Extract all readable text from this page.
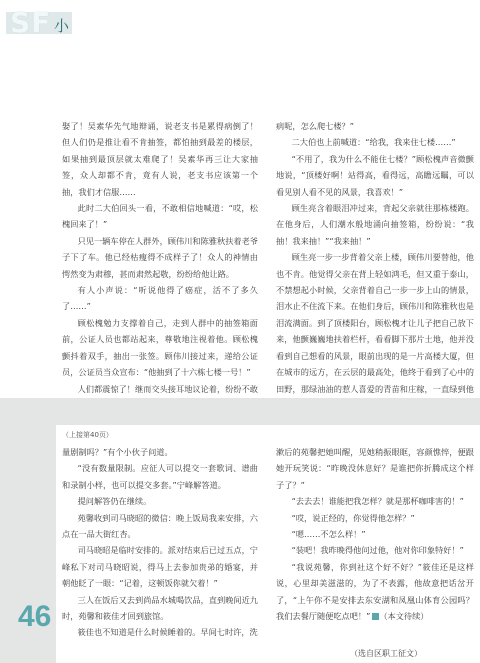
SF 小

娶了！吴素华先气地辩诵，说老支书是累得病倒了！但人们仍是推让看不肯抽签，都怕抽到最差的楼层，如果抽到最顶层就太难爬了！吴素华再三让大家抽签，众人却都不肯，竟有人说，老支书应该第一个抽，我们才信服……

此时二大伯回头一看，不敢相信地喊道：“哎，松槐回来了！”

只见一辆车停在人群外，顾伟川和陈雅秋扶着老爷子下了车。他已经枯瘦得不成样子了！众人的神情由愕然变为肃穆，甚而肃然起敬，纷纷给他让路。

有人小声说：“听说他得了癌症，活不了多久了……”

顾松槐勉力支撑着自己，走到人群中的抽签箱面前，公证人员也都站起来，尊敬地注视着他。顾松槐颤抖着双手，抽出一张签。顾伟川接过来，递给公证员，公证员当众宣布：“他抽到了十六栋七楼一号！”

人们都震惊了！继而交头接耳地议论着，纷纷不敢

病呢，怎么爬七楼？”

二大伯也上前喊道：“给我，我来住七楼……”

“不用了，我为什么不能住七楼？”顾松槐声音微颤地说，“顶楼好啊！站得高，看得远，高瞻远瞩，可以看见别人看不见的风景，我喜欢！”

顾生亮含着眼泪冲过来，背起父亲就往那栋楼跑。在他身后，人们潮水般地涌向抽签箱，纷纷说：“我抽！我来抽！”“我来抽！”

顾生亮一步一步背着父亲上楼，顾伟川要替他，他也不肯。他觉得父亲在背上轻如鸿毛，但又重于泰山，不禁想起小时候，父亲背着自己一步一步上山的情景，泪水止不住流下来。在他们身后，顾伟川和陈雅秋也是泪流满面。到了顶楼阳台，顾松槐才让儿子把自己放下来，他颤巍巍地扶着栏杆，看看脚下那片土地，他并没看到自己想看的风景，眼前出现的是一片高楼大厦，但在城市的远方，在云层的最高处，他终于看到了心中的田野，那绿油油的惹人喜爱的青苗和庄稼，一直绿到他

（上接第40页）

量剧制吗？”有个小伙子问道。

“没有数量限制。应征人可以提交一套歌词、谱曲和录制小样，也可以提交多套。”宁峰解答道。

提问解答仍在继续。

苑馨收到司马晓昭的微信：晚上饭局我来安排，六点在一品大街红杏。

司马晓昭是临时安排的。派对结束后已过五点，宁峰私下对司马晓昭说，得马上去参加贵弟的婚宴，并朝他眨了一眼：“记着，这顿饭你就欠着！”

三人在饭后又去到尚品水城喝饮品，直到晚间近九时，苑馨和筱佳才回到旅馆。

筱佳也不知道是什么时候睡着的。早间七时许，洗

漱后的苑馨把她叫醒，见她稍振眼眶，容颜憔悴，便跟她开玩笑说：“昨晚没休息好？是谁把你折腾成这个样子了？”

“去去去！谁能把我怎样？就是那杯咖啡害的！”

“哎，说正经的，你觉得他怎样？”

“嗯……不怎么样！”

“装吧！我昨晚得他问过他，他对你印象特好！”

“我说苑馨，你到社这个好不好？”筱佳还是这样说，心里却美滋滋的，为了不表露，他故意把话岔开了，“上午你不是安排去东安湖和凤凰山体育公园吗？我们去餐厅随便吃点吧！” （本文待续）

（选自区职工征文）
46
